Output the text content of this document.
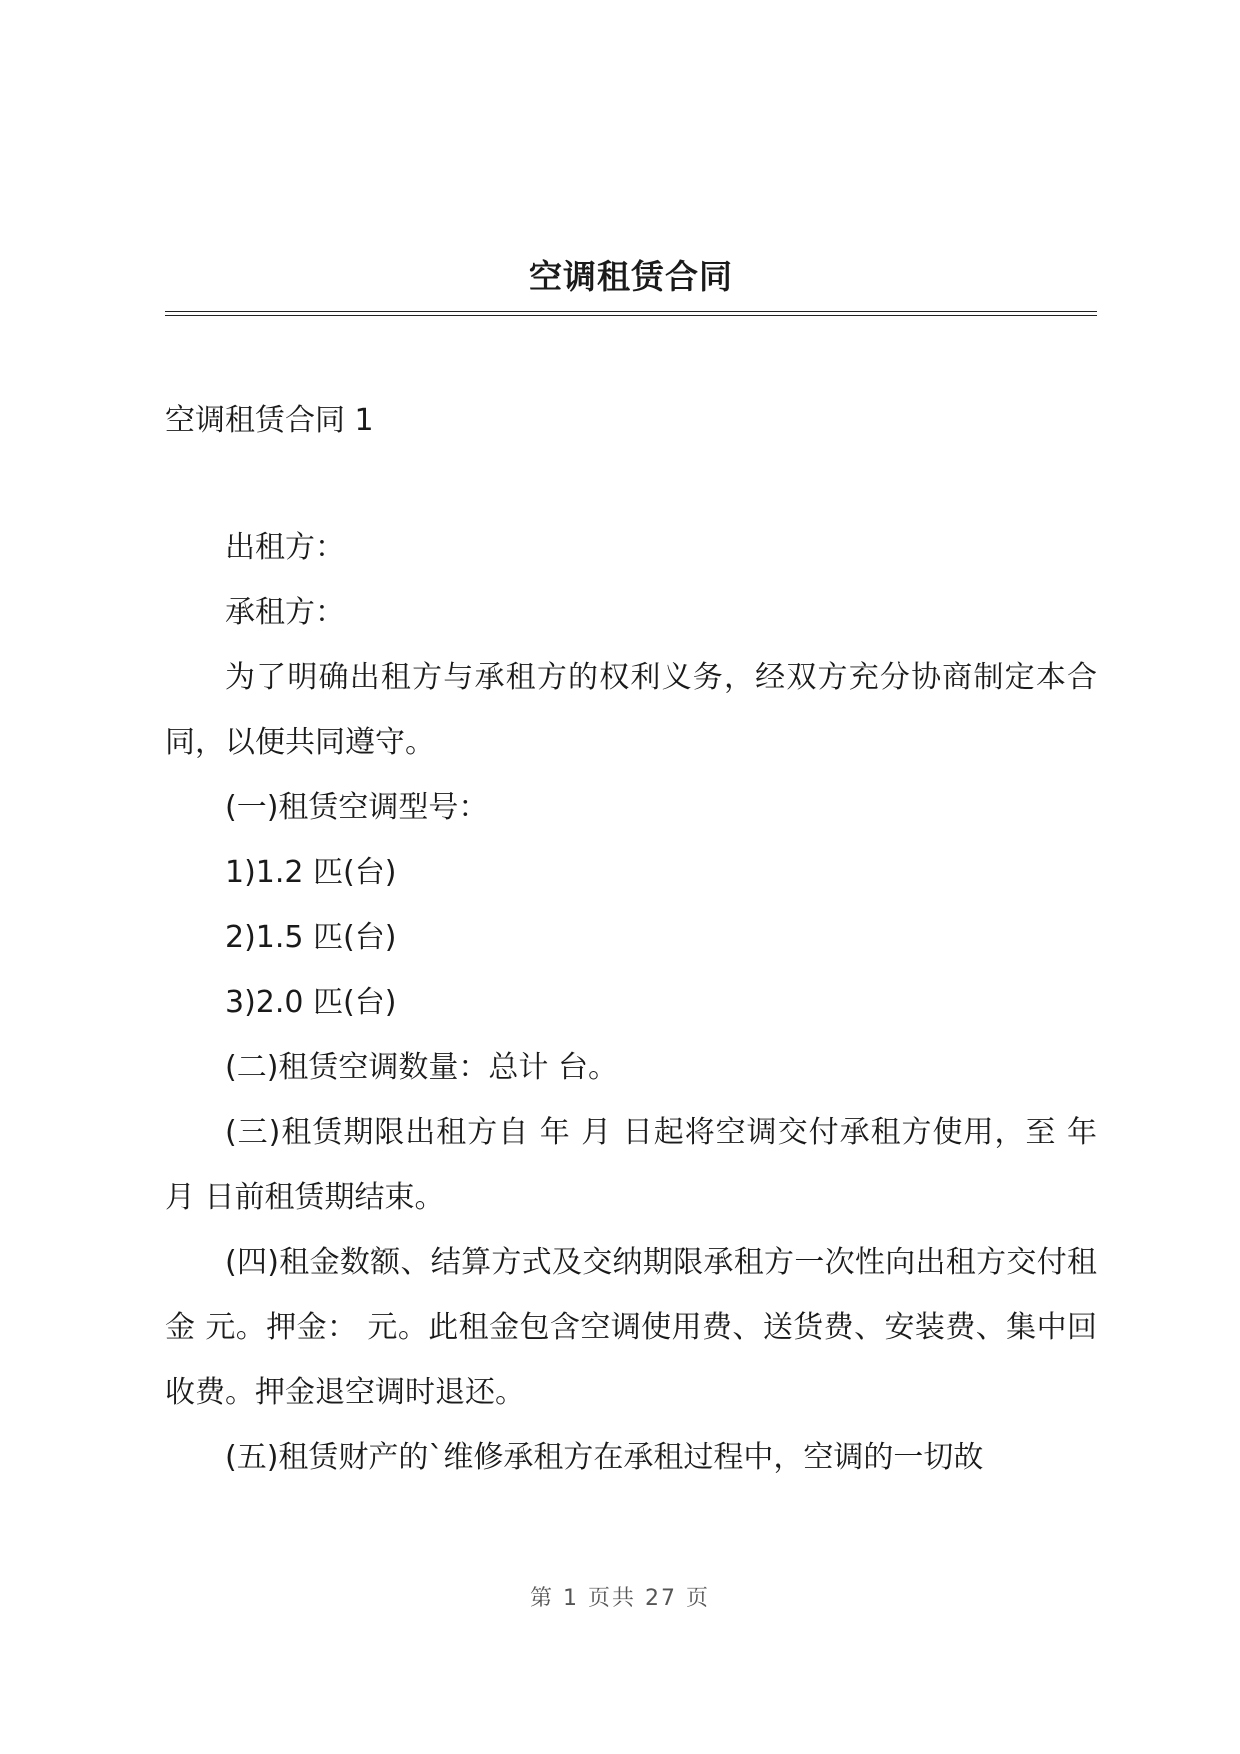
空调租赁合同
空调租赁合同 1

出租方：

承租方：

为了明确出租方与承租方的权利义务，经双方充分协商制定本合同，以便共同遵守。

(一)租赁空调型号：

1)1.2 匹(台)

2)1.5 匹(台)

3)2.0 匹(台)

(二)租赁空调数量：总计 台。

(三)租赁期限出租方自 年 月 日起将空调交付承租方使用，至 年 月 日前租赁期结束。

(四)租金数额、结算方式及交纳期限承租方一次性向出租方交付租金 元。押金： 元。此租金包含空调使用费、送货费、安装费、集中回收费。押金退空调时退还。

(五)租赁财产的`维修承租方在承租过程中，空调的一切故

第 1 页共 27 页
